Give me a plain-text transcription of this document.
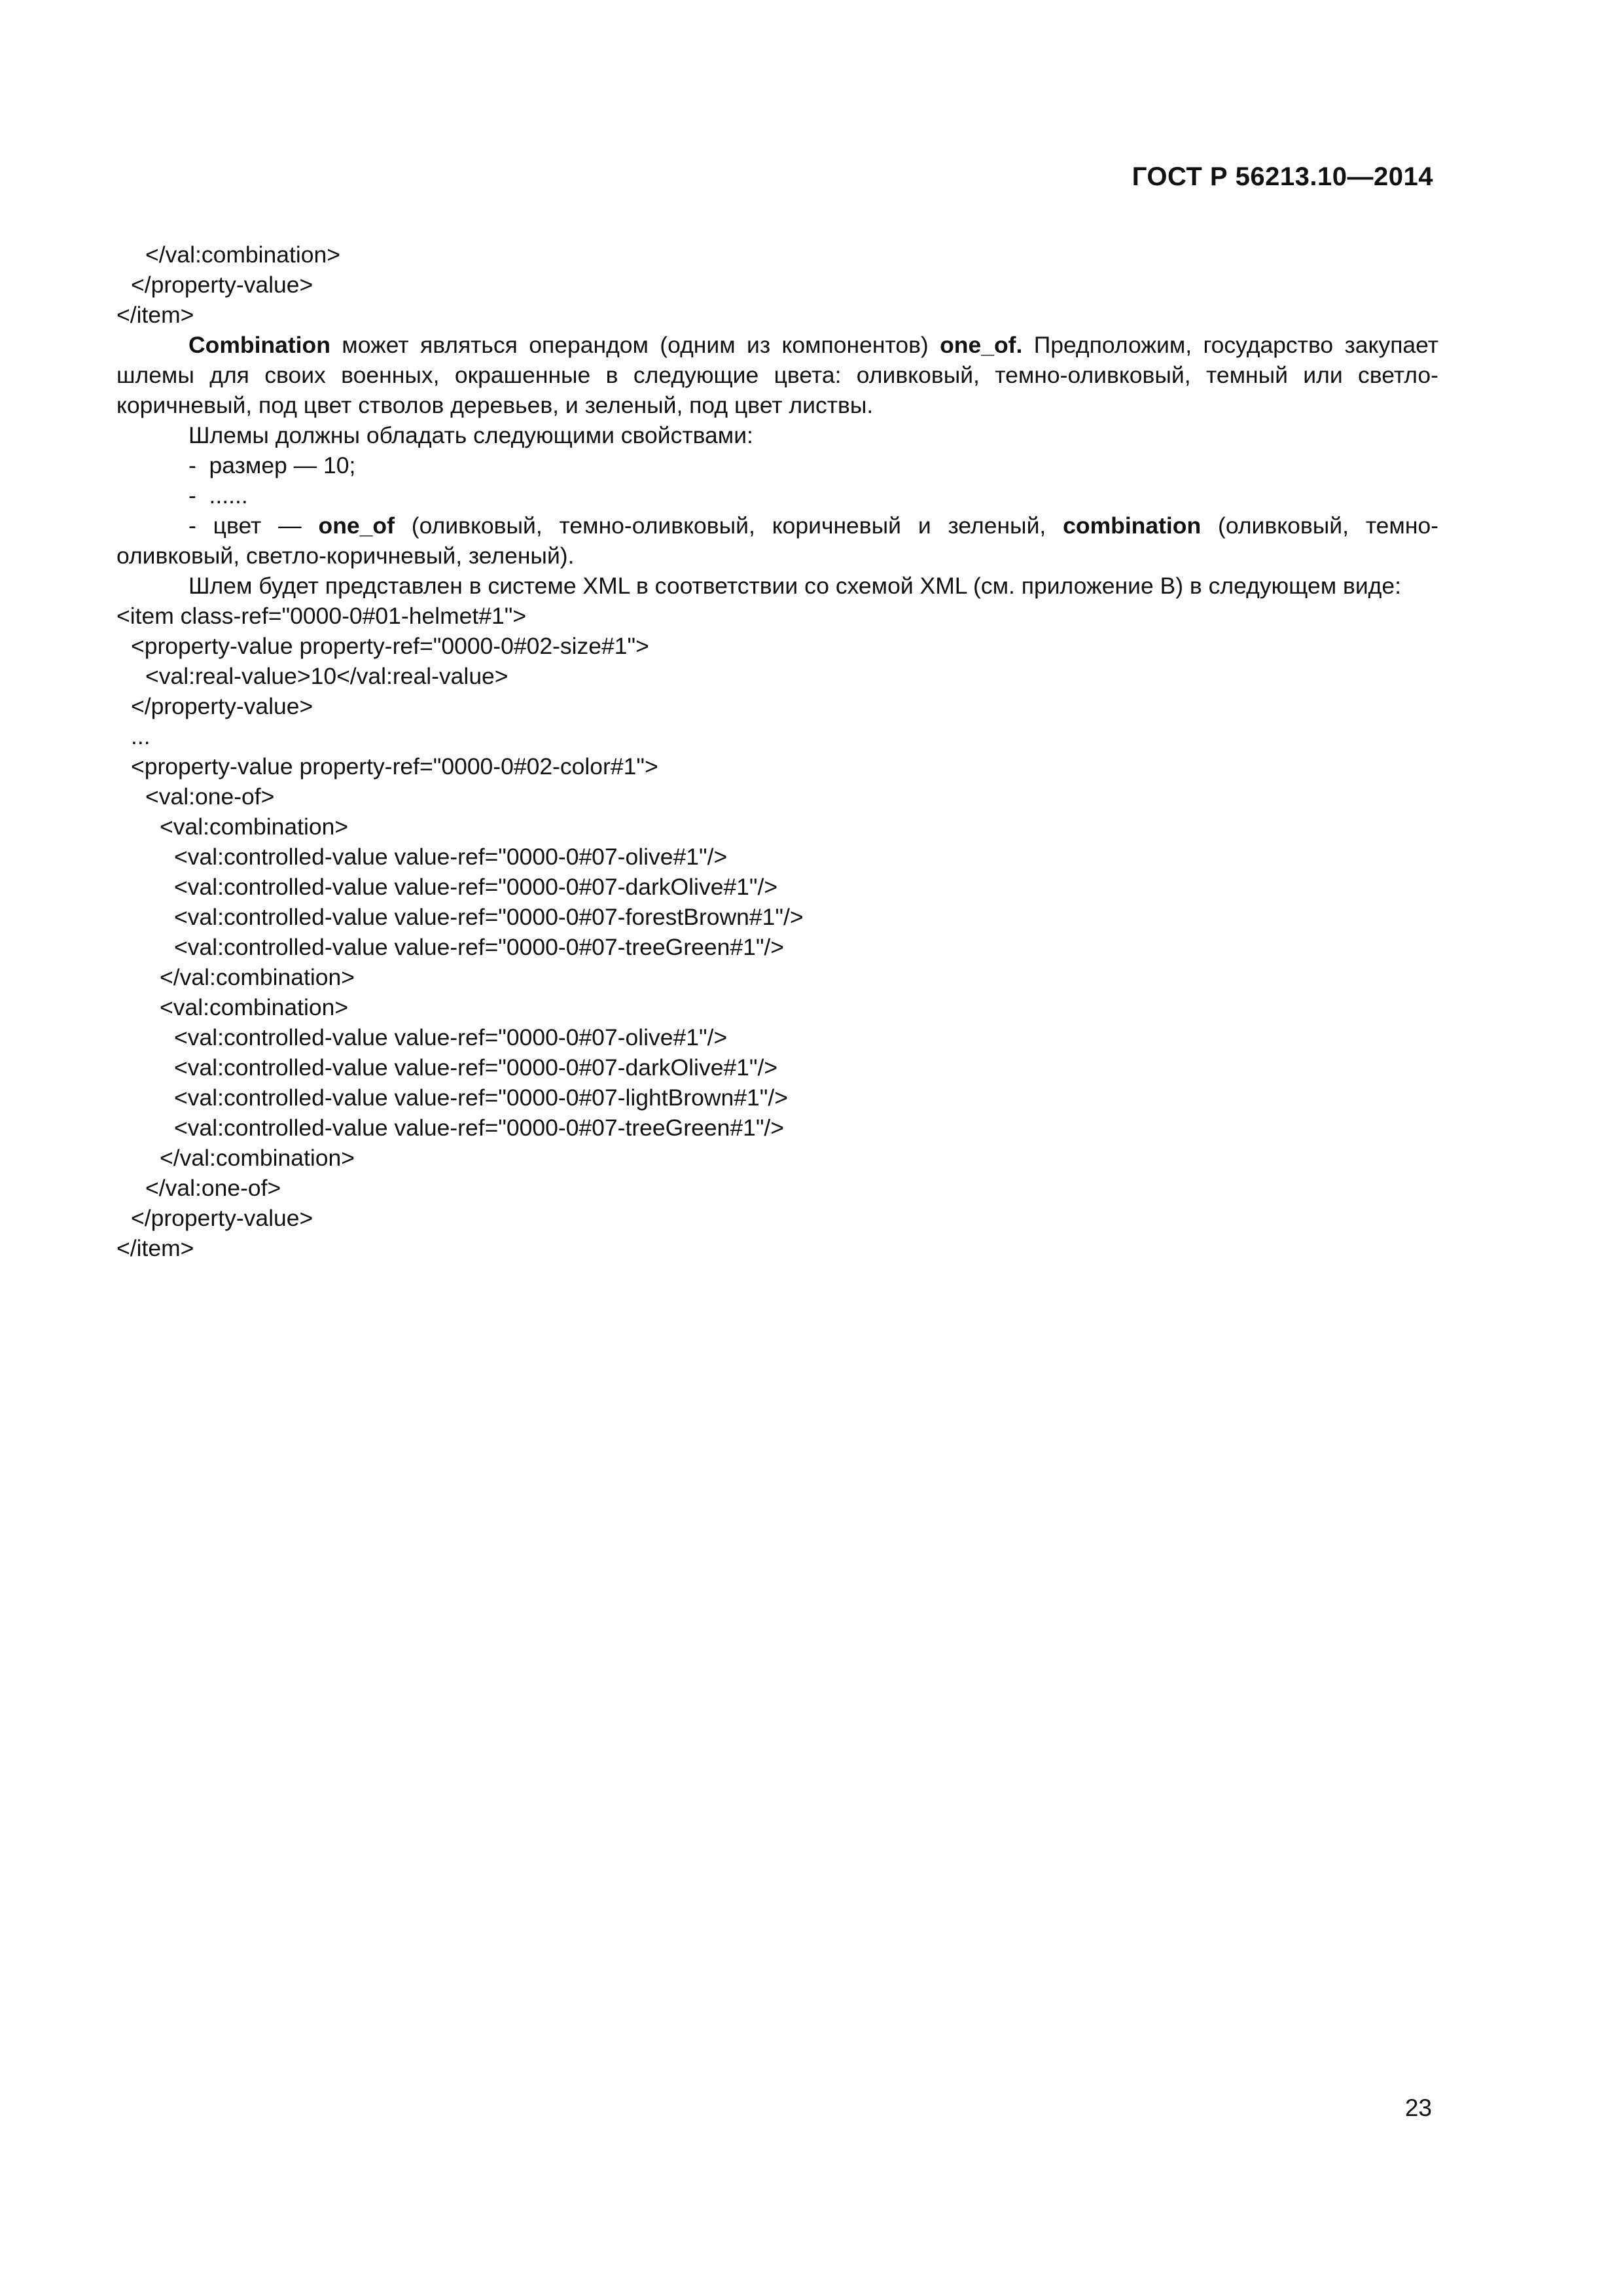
ГОСТ Р 56213.10—2014
</val:combination>
</property-value>
</item>
Combination может являться операндом (одним из компонентов) one_of. Предположим, государство закупает шлемы для своих военных, окрашенные в следующие цвета: оливковый, темно-оливковый, темный или светло-коричневый, под цвет стволов деревьев, и зеленый, под цвет листвы.
Шлемы должны обладать следующими свойствами:
-  размер — 10;
-  ......
- цвет — one_of (оливковый, темно-оливковый, коричневый и зеленый, combination (оливковый, темно-оливковый, светло-коричневый, зеленый).
Шлем будет представлен в системе XML в соответствии со схемой XML (см. приложение В) в следующем виде:
<item class-ref="0000-0#01-helmet#1">
<property-value property-ref="0000-0#02-size#1">
<val:real-value>10</val:real-value>
</property-value>
...
<property-value property-ref="0000-0#02-color#1">
<val:one-of>
<val:combination>
<val:controlled-value value-ref="0000-0#07-olive#1"/>
<val:controlled-value value-ref="0000-0#07-darkOlive#1"/>
<val:controlled-value value-ref="0000-0#07-forestBrown#1"/>
<val:controlled-value value-ref="0000-0#07-treeGreen#1"/>
</val:combination>
<val:combination>
<val:controlled-value value-ref="0000-0#07-olive#1"/>
<val:controlled-value value-ref="0000-0#07-darkOlive#1"/>
<val:controlled-value value-ref="0000-0#07-lightBrown#1"/>
<val:controlled-value value-ref="0000-0#07-treeGreen#1"/>
</val:combination>
</val:one-of>
</property-value>
</item>
23
